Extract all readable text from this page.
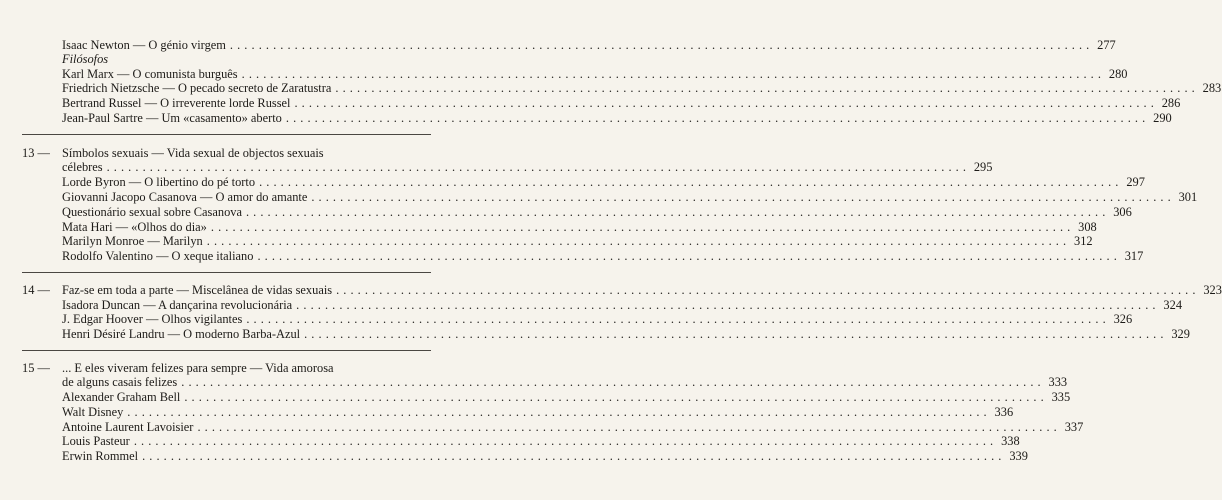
Isaac Newton — O génio virgem . . . . . . . . . . . . . . . . . . . . . . . . . . . . . . . . . . . . . . . . . . . . . . . . . . . . . . . . . . . . . . . . . . . . . . . . . . . . . . . . . . . . . . . . . . . . . . . . . . . . . . . . . . . . . . . . . . . . . . . . 277
Filósofos
Karl Marx — O comunista burguês . . . . . . . . . . . . . . . . . . . . . . . . . . . . . . . . . . . . . . . . . . . . . . . . . . . . . . . . . . . . . . . . . . . . . . . . . . . . . . . . . . . . . . . . . . . . . . . . . . . . . . . . . . . . . . . . . . . . . . . . 280
Friedrich Nietzsche — O pecado secreto de Zaratustra . . . . . . . . . . . . . . . . . . . . . . . . . . . . . . . . . . . . . . . . . . . . . . . . . . . . . . . . . . . . . . . . . . . . . . . . . . . . . . . . . . . . . . . . . . . . . . . . . . . . . . . . . . . . . . . . . . . . . . . . 283
Bertrand Russel — O irreverente lorde Russel . . . . . . . . . . . . . . . . . . . . . . . . . . . . . . . . . . . . . . . . . . . . . . . . . . . . . . . . . . . . . . . . . . . . . . . . . . . . . . . . . . . . . . . . . . . . . . . . . . . . . . . . . . . . . . . . . . . . . . . . 286
Jean-Paul Sartre — Um «casamento» aberto . . . . . . . . . . . . . . . . . . . . . . . . . . . . . . . . . . . . . . . . . . . . . . . . . . . . . . . . . . . . . . . . . . . . . . . . . . . . . . . . . . . . . . . . . . . . . . . . . . . . . . . . . . . . . . . . . . . . . . . . 290
13 — Símbolos sexuais — Vida sexual de objectos sexuais
célebres . . . . . . . . . . . . . . . . . . . . . . . . . . . . . . . . . . . . . . . . . . . . . . . . . . . . . . . . . . . . . . . . . . . . . . . . . . . . . . . . . . . . . . . . . . . . . . . . . . . . . . . . . . . . . . . . . . . . . . . . 295
Lorde Byron — O libertino do pé torto . . . . . . . . . . . . . . . . . . . . . . . . . . . . . . . . . . . . . . . . . . . . . . . . . . . . . . . . . . . . . . . . . . . . . . . . . . . . . . . . . . . . . . . . . . . . . . . . . . . . . . . . . . . . . . . . . . . . . . . . 297
Giovanni Jacopo Casanova — O amor do amante . . . . . . . . . . . . . . . . . . . . . . . . . . . . . . . . . . . . . . . . . . . . . . . . . . . . . . . . . . . . . . . . . . . . . . . . . . . . . . . . . . . . . . . . . . . . . . . . . . . . . . . . . . . . . . . . . . . . . . . . 301
Questionário sexual sobre Casanova . . . . . . . . . . . . . . . . . . . . . . . . . . . . . . . . . . . . . . . . . . . . . . . . . . . . . . . . . . . . . . . . . . . . . . . . . . . . . . . . . . . . . . . . . . . . . . . . . . . . . . . . . . . . . . . . . . . . . . . . 306
Mata Hari — «Olhos do dia» . . . . . . . . . . . . . . . . . . . . . . . . . . . . . . . . . . . . . . . . . . . . . . . . . . . . . . . . . . . . . . . . . . . . . . . . . . . . . . . . . . . . . . . . . . . . . . . . . . . . . . . . . . . . . . . . . . . . . . . . 308
Marilyn Monroe — Marilyn . . . . . . . . . . . . . . . . . . . . . . . . . . . . . . . . . . . . . . . . . . . . . . . . . . . . . . . . . . . . . . . . . . . . . . . . . . . . . . . . . . . . . . . . . . . . . . . . . . . . . . . . . . . . . . . . . . . . . . . . 312
Rodolfo Valentino — O xeque italiano . . . . . . . . . . . . . . . . . . . . . . . . . . . . . . . . . . . . . . . . . . . . . . . . . . . . . . . . . . . . . . . . . . . . . . . . . . . . . . . . . . . . . . . . . . . . . . . . . . . . . . . . . . . . . . . . . . . . . . . . 317
14 — Faz-se em toda a parte — Miscelânea de vidas sexuais . . . . . . . . . . . . . . . . . . . . . . . . . . . . . . . . . . . . . . . . . . . . . . . . . . . . . . . . . . . . . . . . . . . . . . . . . . . . . . . . . . . . . . . . . . . . . . . . . . . . . . . . . . . . . . . . . . . . . . . . 323
Isadora Duncan — A dançarina revolucionária . . . . . . . . . . . . . . . . . . . . . . . . . . . . . . . . . . . . . . . . . . . . . . . . . . . . . . . . . . . . . . . . . . . . . . . . . . . . . . . . . . . . . . . . . . . . . . . . . . . . . . . . . . . . . . . . . . . . . . . . 324
J. Edgar Hoover — Olhos vigilantes . . . . . . . . . . . . . . . . . . . . . . . . . . . . . . . . . . . . . . . . . . . . . . . . . . . . . . . . . . . . . . . . . . . . . . . . . . . . . . . . . . . . . . . . . . . . . . . . . . . . . . . . . . . . . . . . . . . . . . . . 326
Henri Désiré Landru — O moderno Barba-Azul . . . . . . . . . . . . . . . . . . . . . . . . . . . . . . . . . . . . . . . . . . . . . . . . . . . . . . . . . . . . . . . . . . . . . . . . . . . . . . . . . . . . . . . . . . . . . . . . . . . . . . . . . . . . . . . . . . . . . . . . 329
15 — ... E eles viveram felizes para sempre — Vida amorosa
de alguns casais felizes . . . . . . . . . . . . . . . . . . . . . . . . . . . . . . . . . . . . . . . . . . . . . . . . . . . . . . . . . . . . . . . . . . . . . . . . . . . . . . . . . . . . . . . . . . . . . . . . . . . . . . . . . . . . . . . . . . . . . . . . 333
Alexander Graham Bell . . . . . . . . . . . . . . . . . . . . . . . . . . . . . . . . . . . . . . . . . . . . . . . . . . . . . . . . . . . . . . . . . . . . . . . . . . . . . . . . . . . . . . . . . . . . . . . . . . . . . . . . . . . . . . . . . . . . . . . . 335
Walt Disney . . . . . . . . . . . . . . . . . . . . . . . . . . . . . . . . . . . . . . . . . . . . . . . . . . . . . . . . . . . . . . . . . . . . . . . . . . . . . . . . . . . . . . . . . . . . . . . . . . . . . . . . . . . . . . . . . . . . . . . . 336
Antoine Laurent Lavoisier . . . . . . . . . . . . . . . . . . . . . . . . . . . . . . . . . . . . . . . . . . . . . . . . . . . . . . . . . . . . . . . . . . . . . . . . . . . . . . . . . . . . . . . . . . . . . . . . . . . . . . . . . . . . . . . . . . . . . . . . 337
Louis Pasteur . . . . . . . . . . . . . . . . . . . . . . . . . . . . . . . . . . . . . . . . . . . . . . . . . . . . . . . . . . . . . . . . . . . . . . . . . . . . . . . . . . . . . . . . . . . . . . . . . . . . . . . . . . . . . . . . . . . . . . . . 338
Erwin Rommel . . . . . . . . . . . . . . . . . . . . . . . . . . . . . . . . . . . . . . . . . . . . . . . . . . . . . . . . . . . . . . . . . . . . . . . . . . . . . . . . . . . . . . . . . . . . . . . . . . . . . . . . . . . . . . . . . . . . . . . . 339
